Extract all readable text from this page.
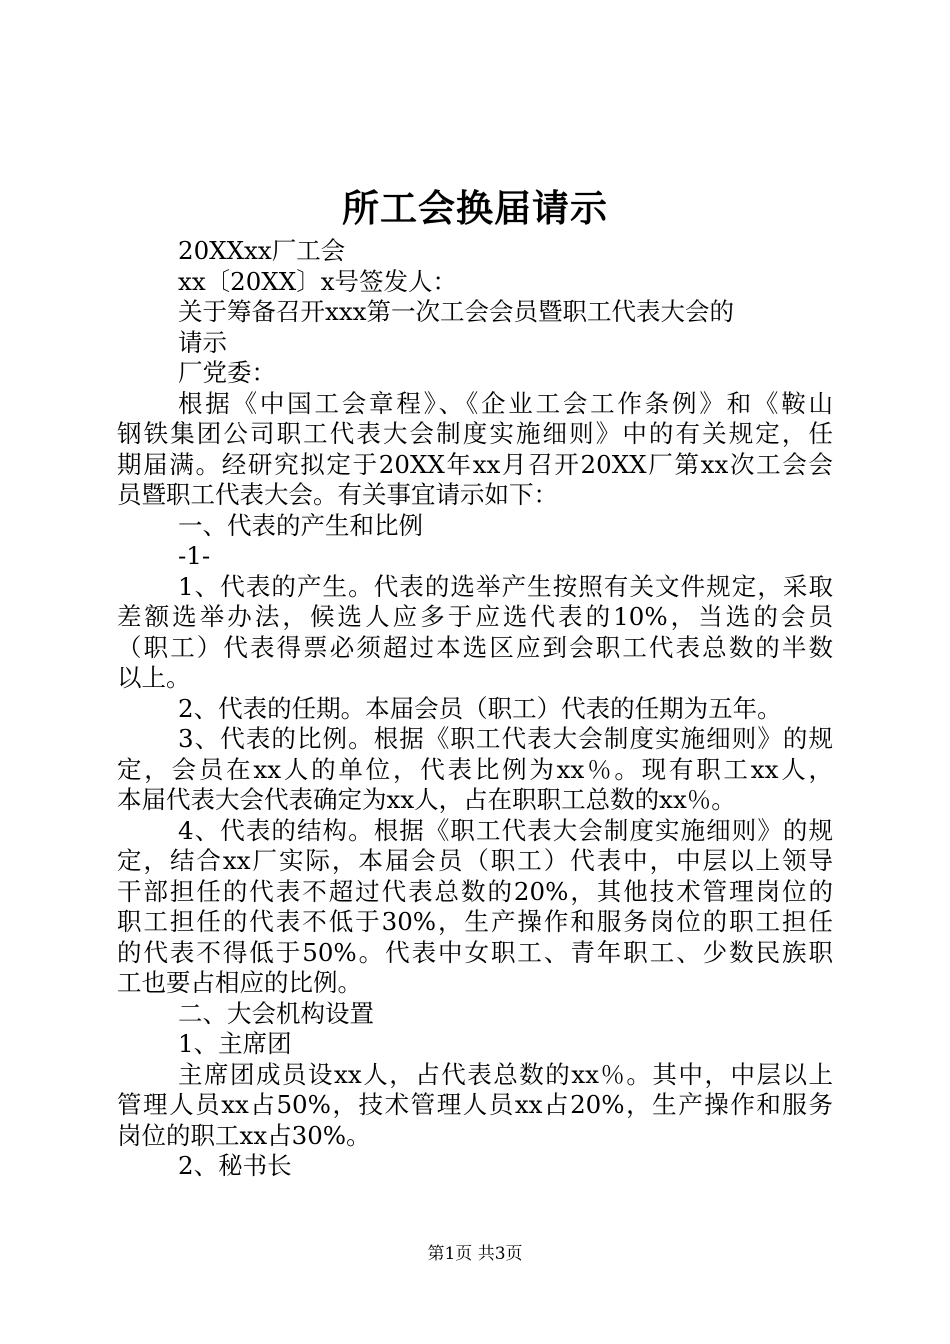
所工会换届请示
20XXxx厂工会
xx〔20XX〕x号签发人：
关于筹备召开xxx第一次工会会员暨职工代表大会的
请示
厂党委：
根据《中国工会章程》、《企业工会工作条例》和《鞍山
钢铁集团公司职工代表大会制度实施细则》中的有关规定，任
期届满。经研究拟定于20XX年xx月召开20XX厂第xx次工会会
员暨职工代表大会。有关事宜请示如下：
一、代表的产生和比例
-1-
1、代表的产生。代表的选举产生按照有关文件规定，采取
差额选举办法，候选人应多于应选代表的10%，当选的会员
（职工）代表得票必须超过本选区应到会职工代表总数的半数
以上。
2、代表的任期。本届会员（职工）代表的任期为五年。
3、代表的比例。根据《职工代表大会制度实施细则》的规
定，会员在xx人的单位，代表比例为xx％。现有职工xx人，
本届代表大会代表确定为xx人，占在职职工总数的xx％。
4、代表的结构。根据《职工代表大会制度实施细则》的规
定，结合xx厂实际，本届会员（职工）代表中，中层以上领导
干部担任的代表不超过代表总数的20%，其他技术管理岗位的
职工担任的代表不低于30%，生产操作和服务岗位的职工担任
的代表不得低于50%。代表中女职工、青年职工、少数民族职
工也要占相应的比例。
二、大会机构设置
1、主席团
主席团成员设xx人，占代表总数的xx％。其中，中层以上
管理人员xx占50%，技术管理人员xx占20%，生产操作和服务
岗位的职工xx占30%。
2、秘书长
第1页 共3页
